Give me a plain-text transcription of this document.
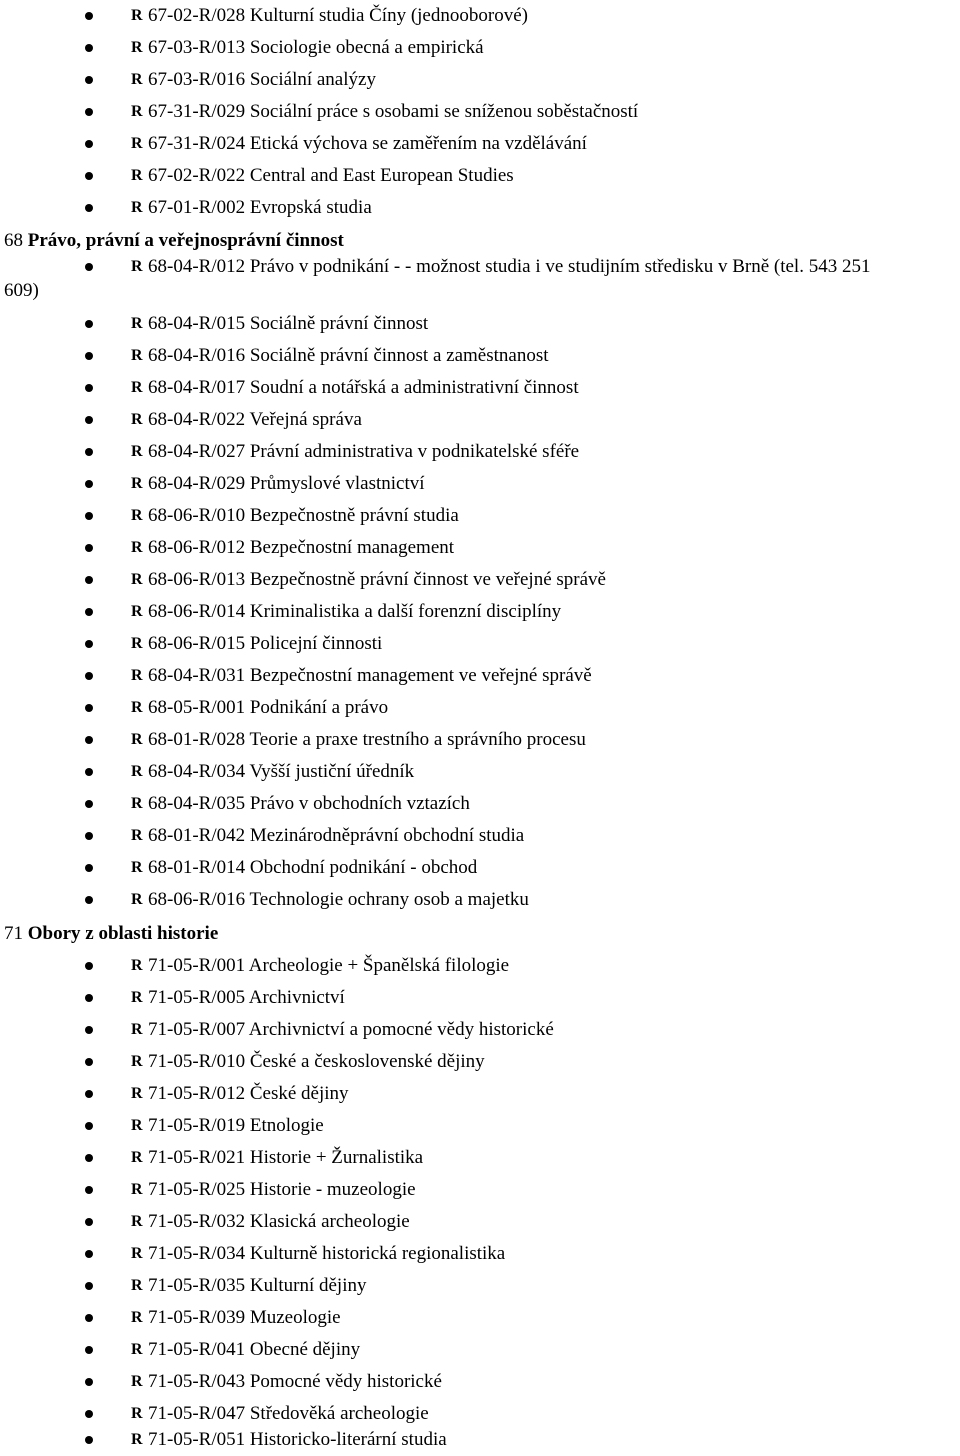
R 67-02-R/028 Kulturní studia Číny (jednooborové)
R 67-03-R/013 Sociologie obecná a empirická
R 67-03-R/016 Sociální analýzy
R 67-31-R/029 Sociální práce s osobami se sníženou soběstačností
R 67-31-R/024 Etická výchova se zaměřením na vzdělávání
R 67-02-R/022 Central and East European Studies
R 67-01-R/002 Evropská studia
68 Právo, právní a veřejnosprávní činnost
R 68-04-R/012 Právo v podnikání - - možnost studia i ve studijním středisku v Brně (tel. 543 251
609)
R 68-04-R/015 Sociálně právní činnost
R 68-04-R/016 Sociálně právní činnost a zaměstnanost
R 68-04-R/017 Soudní a notářská a administrativní činnost
R 68-04-R/022 Veřejná správa
R 68-04-R/027 Právní administrativa v podnikatelské sféře
R 68-04-R/029 Průmyslové vlastnictví
R 68-06-R/010 Bezpečnostně právní studia
R 68-06-R/012 Bezpečnostní management
R 68-06-R/013 Bezpečnostně právní činnost ve veřejné správě
R 68-06-R/014 Kriminalistika a další forenzní disciplíny
R 68-06-R/015 Policejní činnosti
R 68-04-R/031 Bezpečnostní management ve veřejné správě
R 68-05-R/001 Podnikání a právo
R 68-01-R/028 Teorie a praxe trestního a správního procesu
R 68-04-R/034 Vyšší justiční úředník
R 68-04-R/035 Právo v obchodních vztazích
R 68-01-R/042 Mezinárodněprávní obchodní studia
R 68-01-R/014 Obchodní podnikání - obchod
R 68-06-R/016 Technologie ochrany osob a majetku
71 Obory z oblasti historie
R 71-05-R/001 Archeologie + Španělská filologie
R 71-05-R/005 Archivnictví
R 71-05-R/007 Archivnictví a pomocné vědy historické
R 71-05-R/010 České a československé dějiny
R 71-05-R/012 České dějiny
R 71-05-R/019 Etnologie
R 71-05-R/021 Historie + Žurnalistika
R 71-05-R/025 Historie - muzeologie
R 71-05-R/032 Klasická archeologie
R 71-05-R/034 Kulturně historická regionalistika
R 71-05-R/035 Kulturní dějiny
R 71-05-R/039 Muzeologie
R 71-05-R/041 Obecné dějiny
R 71-05-R/043 Pomocné vědy historické
R 71-05-R/047 Středověká archeologie
R 71-05-R/051 Historicko-literární studia
